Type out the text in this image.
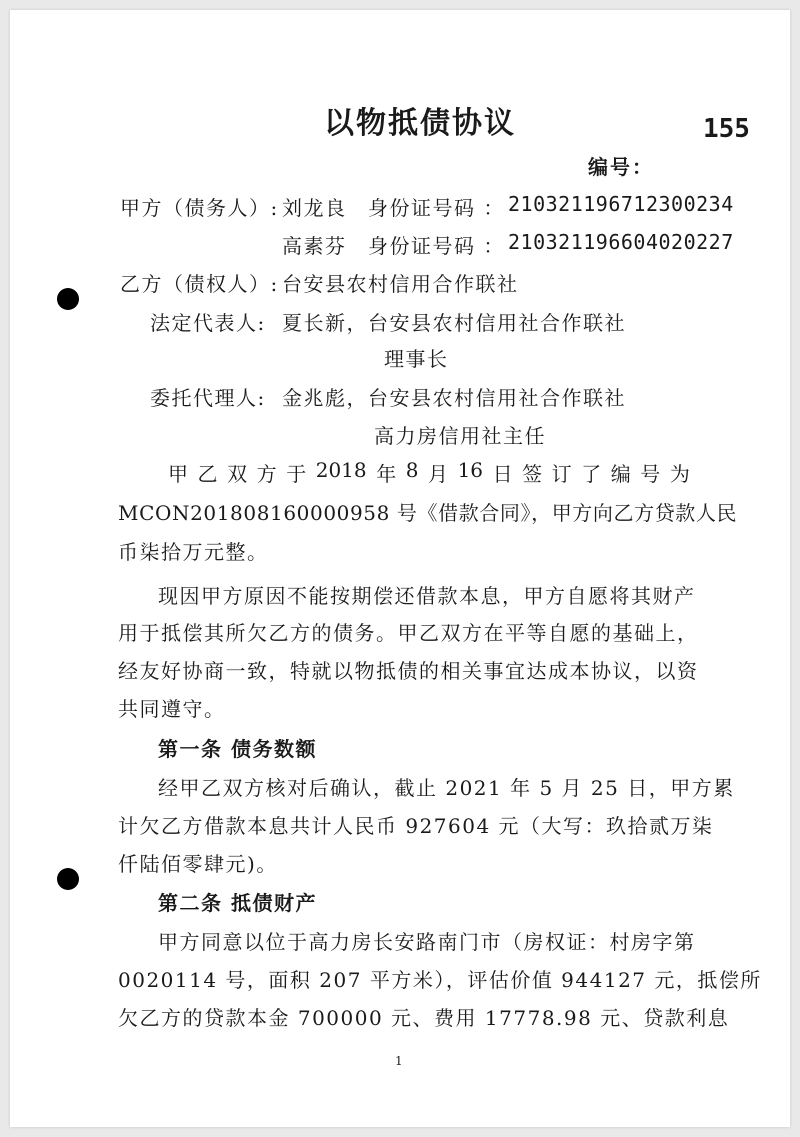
以物抵债协议	155
编号：
甲方（债务人）: 刘龙良 身份证号码 ： 210321196712300234
高素芬 身份证号码 ： 210321196604020227
乙方（债权人）: 台安县农村信用合作联社
法定代表人: 夏长新，台安县农村信用社合作联社
理事长
委托代理人: 金兆彪，台安县农村信用社合作联社
高力房信用社主任
甲 乙 双 方 于 2018 年 8 月 16 日 签 订 了 编 号 为
MCON201808160000958 号《借款合同》，甲方向乙方贷款人民
币柒拾万元整。
现因甲方原因不能按期偿还借款本息，甲方自愿将其财产
用于抵偿其所欠乙方的债务。甲乙双方在平等自愿的基础上，
经友好协商一致，特就以物抵债的相关事宜达成本协议，以资
共同遵守。
第一条 债务数额
经甲乙双方核对后确认，截止 2021 年 5 月 25 日，甲方累
计欠乙方借款本息共计人民币 927604 元（大写：玖拾贰万柒
仟陆佰零肆元)。
第二条 抵债财产
甲方同意以位于高力房长安路南门市（房权证：村房字第
0020114 号，面积 207 平方米），评估价值 944127 元，抵偿所
欠乙方的贷款本金 700000 元、费用 17778.98 元、贷款利息
1
